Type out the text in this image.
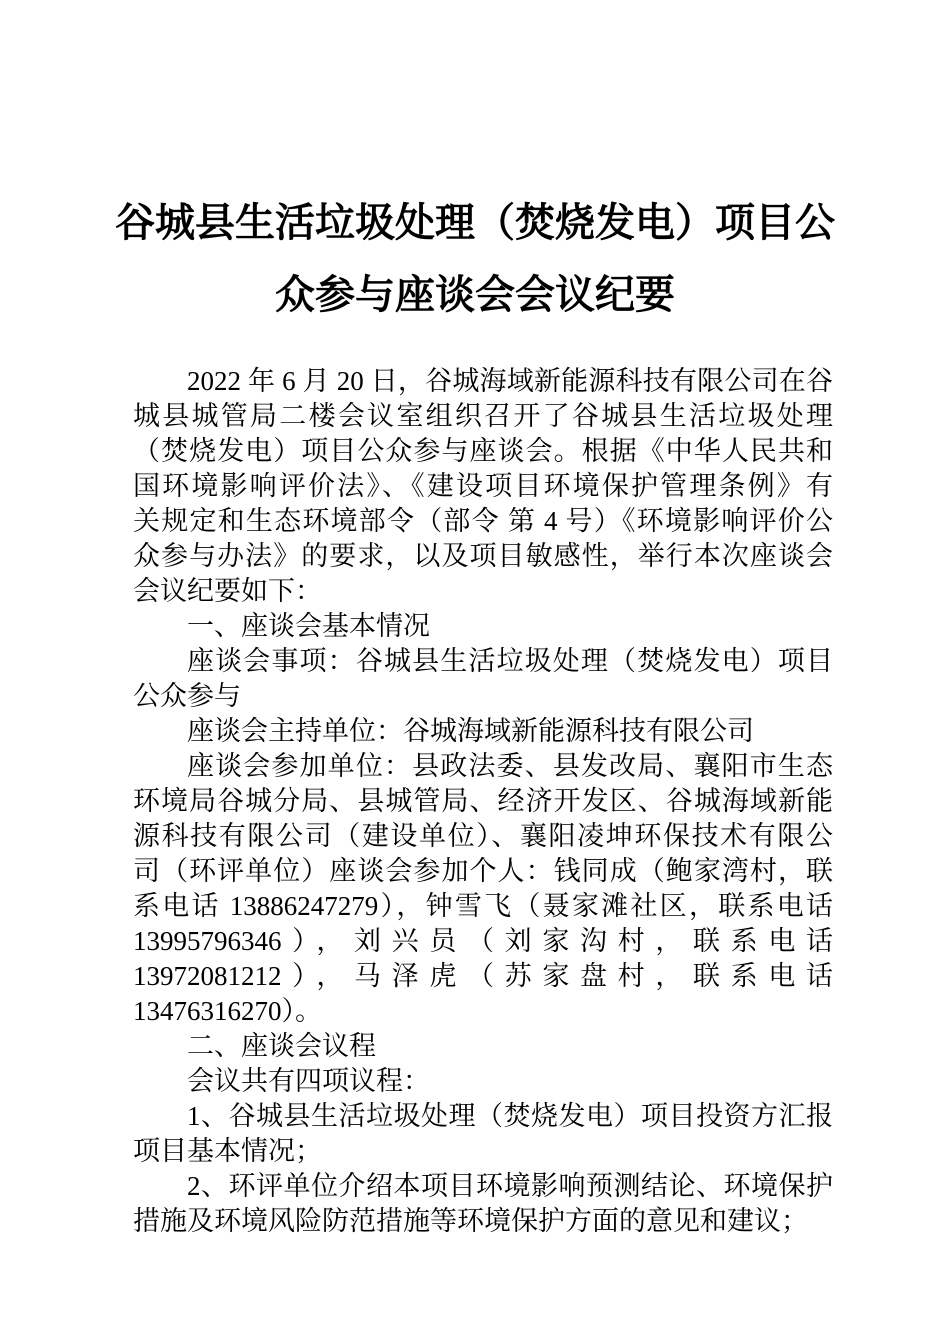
谷城县生活垃圾处理（焚烧发电）项目公
众参与座谈会会议纪要
2022 年 6 月 20 日，谷城海域新能源科技有限公司在谷
城县城管局二楼会议室组织召开了谷城县生活垃圾处理
（焚烧发电）项目公众参与座谈会。根据《中华人民共和
国环境影响评价法》、《建设项目环境保护管理条例》有
关规定和生态环境部令（部令 第 4 号）《环境影响评价公
众参与办法》的要求，以及项目敏感性，举行本次座谈会
会议纪要如下：
一、座谈会基本情况
座谈会事项：谷城县生活垃圾处理（焚烧发电）项目
公众参与
座谈会主持单位：谷城海域新能源科技有限公司
座谈会参加单位：县政法委、县发改局、襄阳市生态
环境局谷城分局、县城管局、经济开发区、谷城海域新能
源科技有限公司（建设单位）、襄阳凌坤环保技术有限公
司（环评单位）座谈会参加个人：钱同成（鲍家湾村，联
系电话 13886247279），钟雪飞（聂家滩社区，联系电话
13995796346），刘兴员（刘家沟村，联系电话
13972081212），马泽虎（苏家盘村，联系电话
13476316270）。
二、座谈会议程
会议共有四项议程：
1、谷城县生活垃圾处理（焚烧发电）项目投资方汇报
项目基本情况；
2、环评单位介绍本项目环境影响预测结论、环境保护
措施及环境风险防范措施等环境保护方面的意见和建议；
